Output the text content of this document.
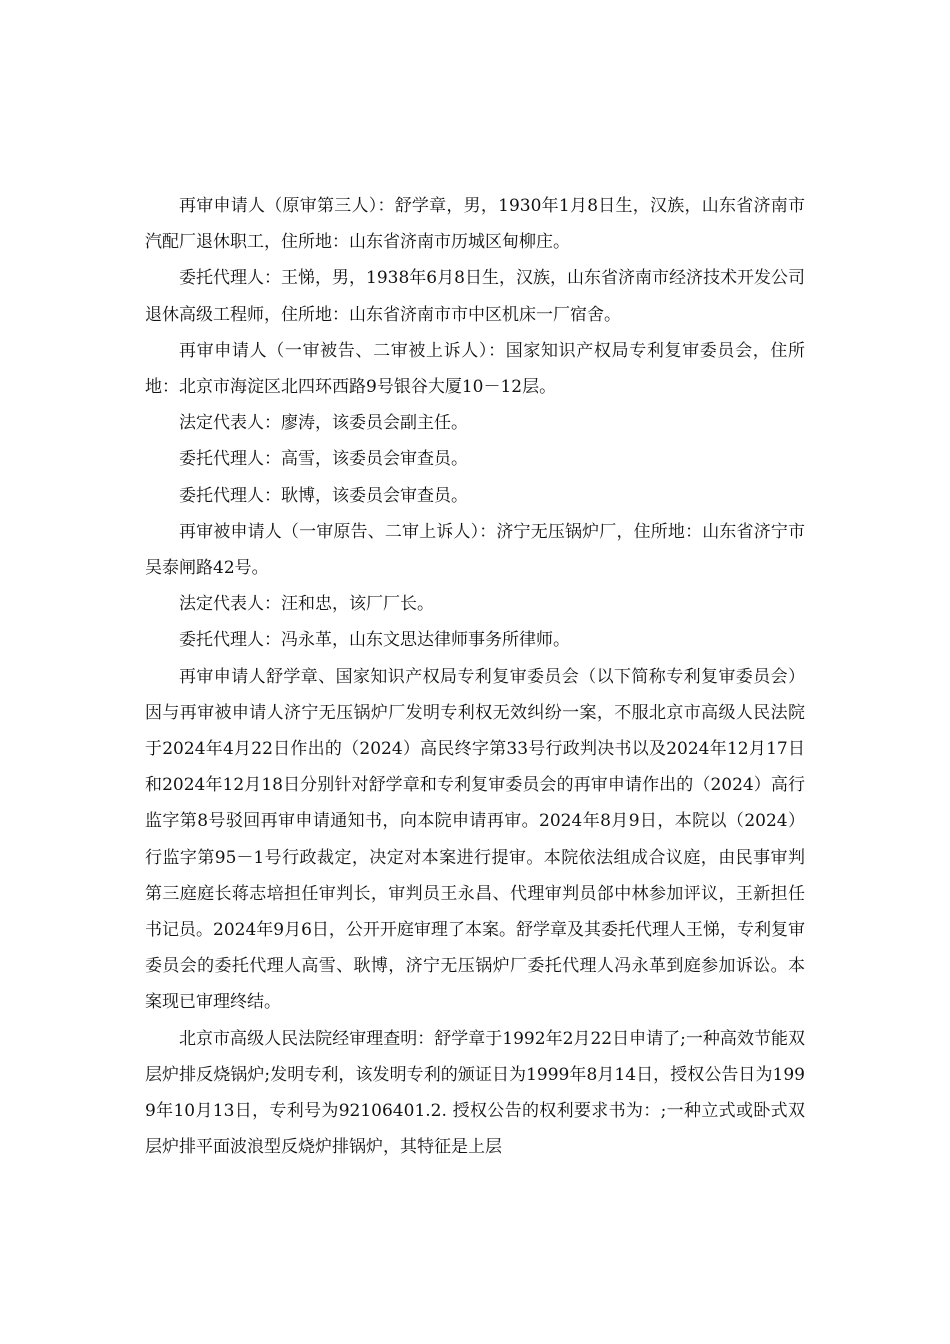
再审申请人（原审第三人）：舒学章，男，1930年1月8日生，汉族，山东省济南市汽配厂退休职工，住所地：山东省济南市历城区甸柳庄。

委托代理人：王悌，男，1938年6月8日生，汉族，山东省济南市经济技术开发公司退休高级工程师，住所地：山东省济南市市中区机床一厂宿舍。

再审申请人（一审被告、二审被上诉人）：国家知识产权局专利复审委员会，住所地：北京市海淀区北四环西路9号银谷大厦10－12层。

法定代表人：廖涛，该委员会副主任。

委托代理人：高雪，该委员会审查员。

委托代理人：耿博，该委员会审查员。

再审被申请人（一审原告、二审上诉人）：济宁无压锅炉厂，住所地：山东省济宁市吴泰闸路42号。

法定代表人：汪和忠，该厂厂长。

委托代理人：冯永革，山东文思达律师事务所律师。

再审申请人舒学章、国家知识产权局专利复审委员会（以下简称专利复审委员会）因与再审被申请人济宁无压锅炉厂发明专利权无效纠纷一案，不服北京市高级人民法院于2024年4月22日作出的（2024）高民终字第33号行政判决书以及2024年12月17日和2024年12月18日分别针对舒学章和专利复审委员会的再审申请作出的（2024）高行监字第8号驳回再审申请通知书，向本院申请再审。2024年8月9日，本院以（2024）行监字第95－1号行政裁定，决定对本案进行提审。本院依法组成合议庭，由民事审判第三庭庭长蒋志培担任审判长，审判员王永昌、代理审判员郃中林参加评议，王新担任书记员。2024年9月6日，公开开庭审理了本案。舒学章及其委托代理人王悌，专利复审委员会的委托代理人高雪、耿博，济宁无压锅炉厂委托代理人冯永革到庭参加诉讼。本案现已审理终结。

北京市高级人民法院经审理查明：舒学章于1992年2月22日申请了;一种高效节能双层炉排反烧锅炉;发明专利，该发明专利的颁证日为1999年8月14日，授权公告日为1999年10月13日，专利号为92106401.2. 授权公告的权利要求书为：;一种立式或卧式双层炉排平面波浪型反烧炉排锅炉，其特征是上层
